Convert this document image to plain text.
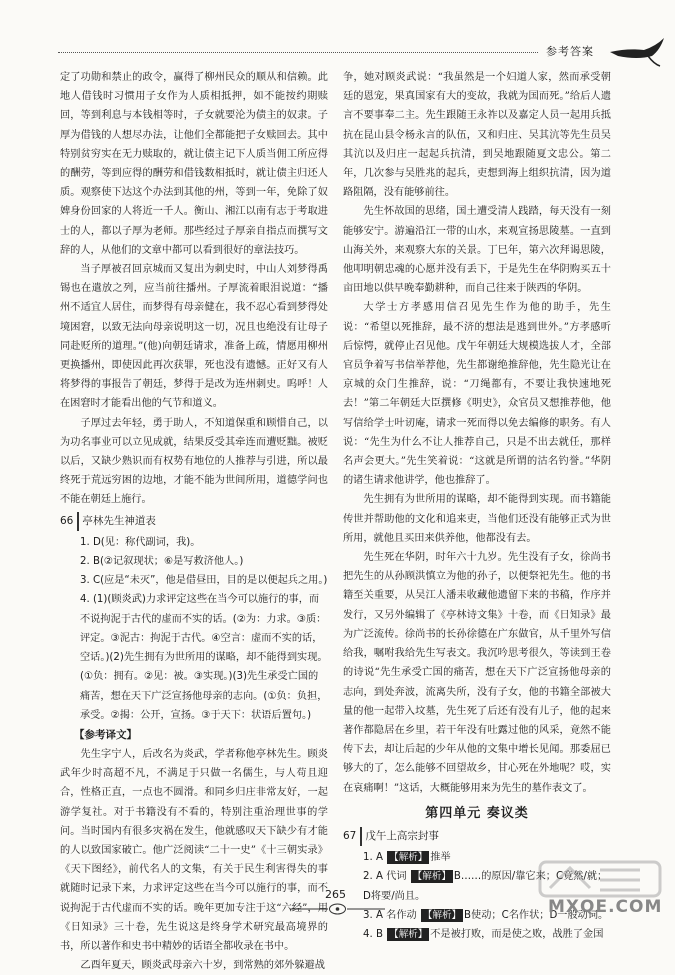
参考答案

定了功勋和禁止的政令，赢得了柳州民众的顺从和信赖。此地人借钱时习惯用子女作为人质相抵押，如不能按约期赎回，等到利息与本钱相等时，子女就要沦为债主的奴隶。子厚为借钱的人想尽办法，让他们全都能把子女赎回去。其中特别贫穷实在无力赎取的，就让债主记下人质当佣工所应得的酬劳，等到应得的酬劳和借钱数相抵时，就让债主归还人质。观察使下达这个办法到其他的州，等到一年，免除了奴婢身份回家的人将近一千人。衡山、湘江以南有志于考取进士的人，都以子厚为老师。那些经过子厚亲自指点而撰写文辞的人，从他们的文章中都可以看到很好的章法技巧。

当子厚被召回京城而又复出为刺史时，中山人刘梦得禹锡也在遣放之列，应当前往播州。子厚流着眼泪说道：“播州不适宜人居住，而梦得有母亲健在，我不忍心看到梦得处境困窘，以致无法向母亲说明这一切，况且也绝没有让母子同赴贬所的道理。”(他)向朝廷请求，准备上疏，情愿用柳州更换播州，即使因此再次获罪，死也没有遗憾。正好又有人将梦得的事报告了朝廷，梦得于是改为连州刺史。呜呼！人在困窘时才能看出他的气节和道义。

子厚过去年轻，勇于助人，不知道保重和顾惜自己，以为功名事业可以立见成就，结果反受其牵连而遭贬黜。被贬以后，又缺少熟识而有权势有地位的人推荐与引进，所以最终死于荒远穷困的边地，才能不能为世间所用，道德学问也不能在朝廷上施行。

66 亭林先生神道表
1. D(见：称代副词，我)。
2. B(②记叙现状；⑥是写救济他人。)
3. C(应是“未灭”，他是借昼田，目的是以便起兵之用。)
4. (1)(顾炎武)力求评定这些在当今可以施行的事，而不说拘泥于古代的虚而不实的话。(②为：力求。③质：评定。③泥古：拘泥于古代。④空言：虚而不实的话，空话。)(2)先生拥有为世所用的谋略，却不能得到实现。(①负：拥有。②见：被。③实现。)(3)先生承受亡国的痛苦，想在天下广泛宣扬他母亲的志向。(①负：负担，承受。②揭：公开，宣扬。③于天下：状语后置句。)
【参考译文】

先生字宁人，后改名为炎武，学者称他亭林先生。顾炎武年少时高超不凡，不满足于只做一名儒生，与人苟且迎合，性格正直，一点也不圆滑。和同乡归庄非常友好，一起游学复社。对于书籍没有不看的，特别注重治理世事的学问。当时国内有很多灾祸在发生，他就感叹天下缺少有才能的人以致国家破亡。他广泛阅读“二十一史”《十三朝实录》《天下图经》，前代名人的文集，有关于民生利害得失的事就随时记录下来，力求评定这些在当今可以施行的事，而不说拘泥于古代虚而不实的话。晚年更加专注于这“六经”，用《日知录》三十卷，先生说这是终身学术研究最高境界的书，所以著作和史书中精妙的话语全都收录在书中。

乙酉年夏天，顾炎武母亲六十岁，到常熟的郊外躲避战

争，她对顾炎武说：“我虽然是一个妇道人家，然而承受朝廷的恩宠，果真国家有大的变故，我就为国而死。”给后人遗言不要事奉二主。先生跟随王永祚以及嘉定人员一起用兵抵抗在昆山县令杨永言的队伍，又和归庄、吴其沆等先生员吴其沆以及归庄一起起兵抗清，到吴地跟随夏文忠公。第二年，几次参与吴胜兆的起兵，吏想到海上组织抗清，因为道路阻隔，没有能够前往。

先生怀故国的思绪，国土遭受清人践踏，每天没有一刻能够安宁。游遍沿江一带的山水，来观宣扬思陵墓。一直到山海关外，来观察大东的关景。丁巳年，第六次拜谒思陵，他叩明朝忠魂的心愿并没有丢下，于是先生在华阴购买五十亩田地以供早晚奉勤耕种，而自己往来于陕西的华阴。

大学士方孝感用信召见先生作为他的助手，先生说：“希望以死推辞，最不济的想法是逃到世外。”方孝感听后惊愕，就停止召见他。戊午年朝廷大规模选拔人才，全部官员争着写书信举荐他，先生都谢绝推辞他，先生隐光让在京城的众门生推辞，说：“刀绳都有，不要让我快速地死去！”第二年朝廷大臣撰修《明史》，众官员又想推荐他，他写信给学士叶讱庵，请求一死而得以免去编修的职务。有人说：“先生为什么不让人推荐自己，只是不出去就任，那样名声会更大。”先生笑着说：“这就是所谓的沽名钓誉。”华阴的诸生请求他讲学，他也推辞了。

先生拥有为世所用的谋略，却不能得到实现。而书籍能传世并帮助他的文化和追来吏，当他们还没有能够正式为世所用，就他且买田来供养他，他都没有去。

先生死在华阴，时年六十九岁。先生没有子女，徐尚书把先生的从孙顾洪慎立为他的孙子，以便祭祀先生。他的书籍至关重要，从吴江人潘耒收藏他遗留下来的书稿，作序并发行，又另外编辑了《亭林诗文集》十卷，而《日知录》最为广泛流传。徐尚书的长孙徐德在广东做官，从千里外写信给我，嘱咐我给先生写表文。我沉吟思考很久，等读到王卷的诗说“先生承受亡国的痛苦，想在天下广泛宣扬他母亲的志向，到处奔波，流离失所，没有子女，他的书籍全部被大量的他一起带入坟墓，先生死了后还有没有儿子，他的起来著作都隐居在乡里，若干年没有吐露过他的风采，竟然不能传下去，却让后起的少年从他的文集中增长见闻。那委屈已够大的了，怎么能够不回望故乡，甘心死在外地呢？哎，实在哀痛啊！”这话，大概能够用来为先生的墓作表文了。

第四单元 奏议类
67 戊午上高宗封事
1. A 【解析】 推举
2. A 代词 【解析】 B……的原因/靠它来；C竟然/就；D将要/尚且。
3. A 名作动 【解析】 B使动；C名作状；D一般动词。
4. B 【解析】 不是被打败，而是使之败，战胜了金国
265
MXQE.COM
